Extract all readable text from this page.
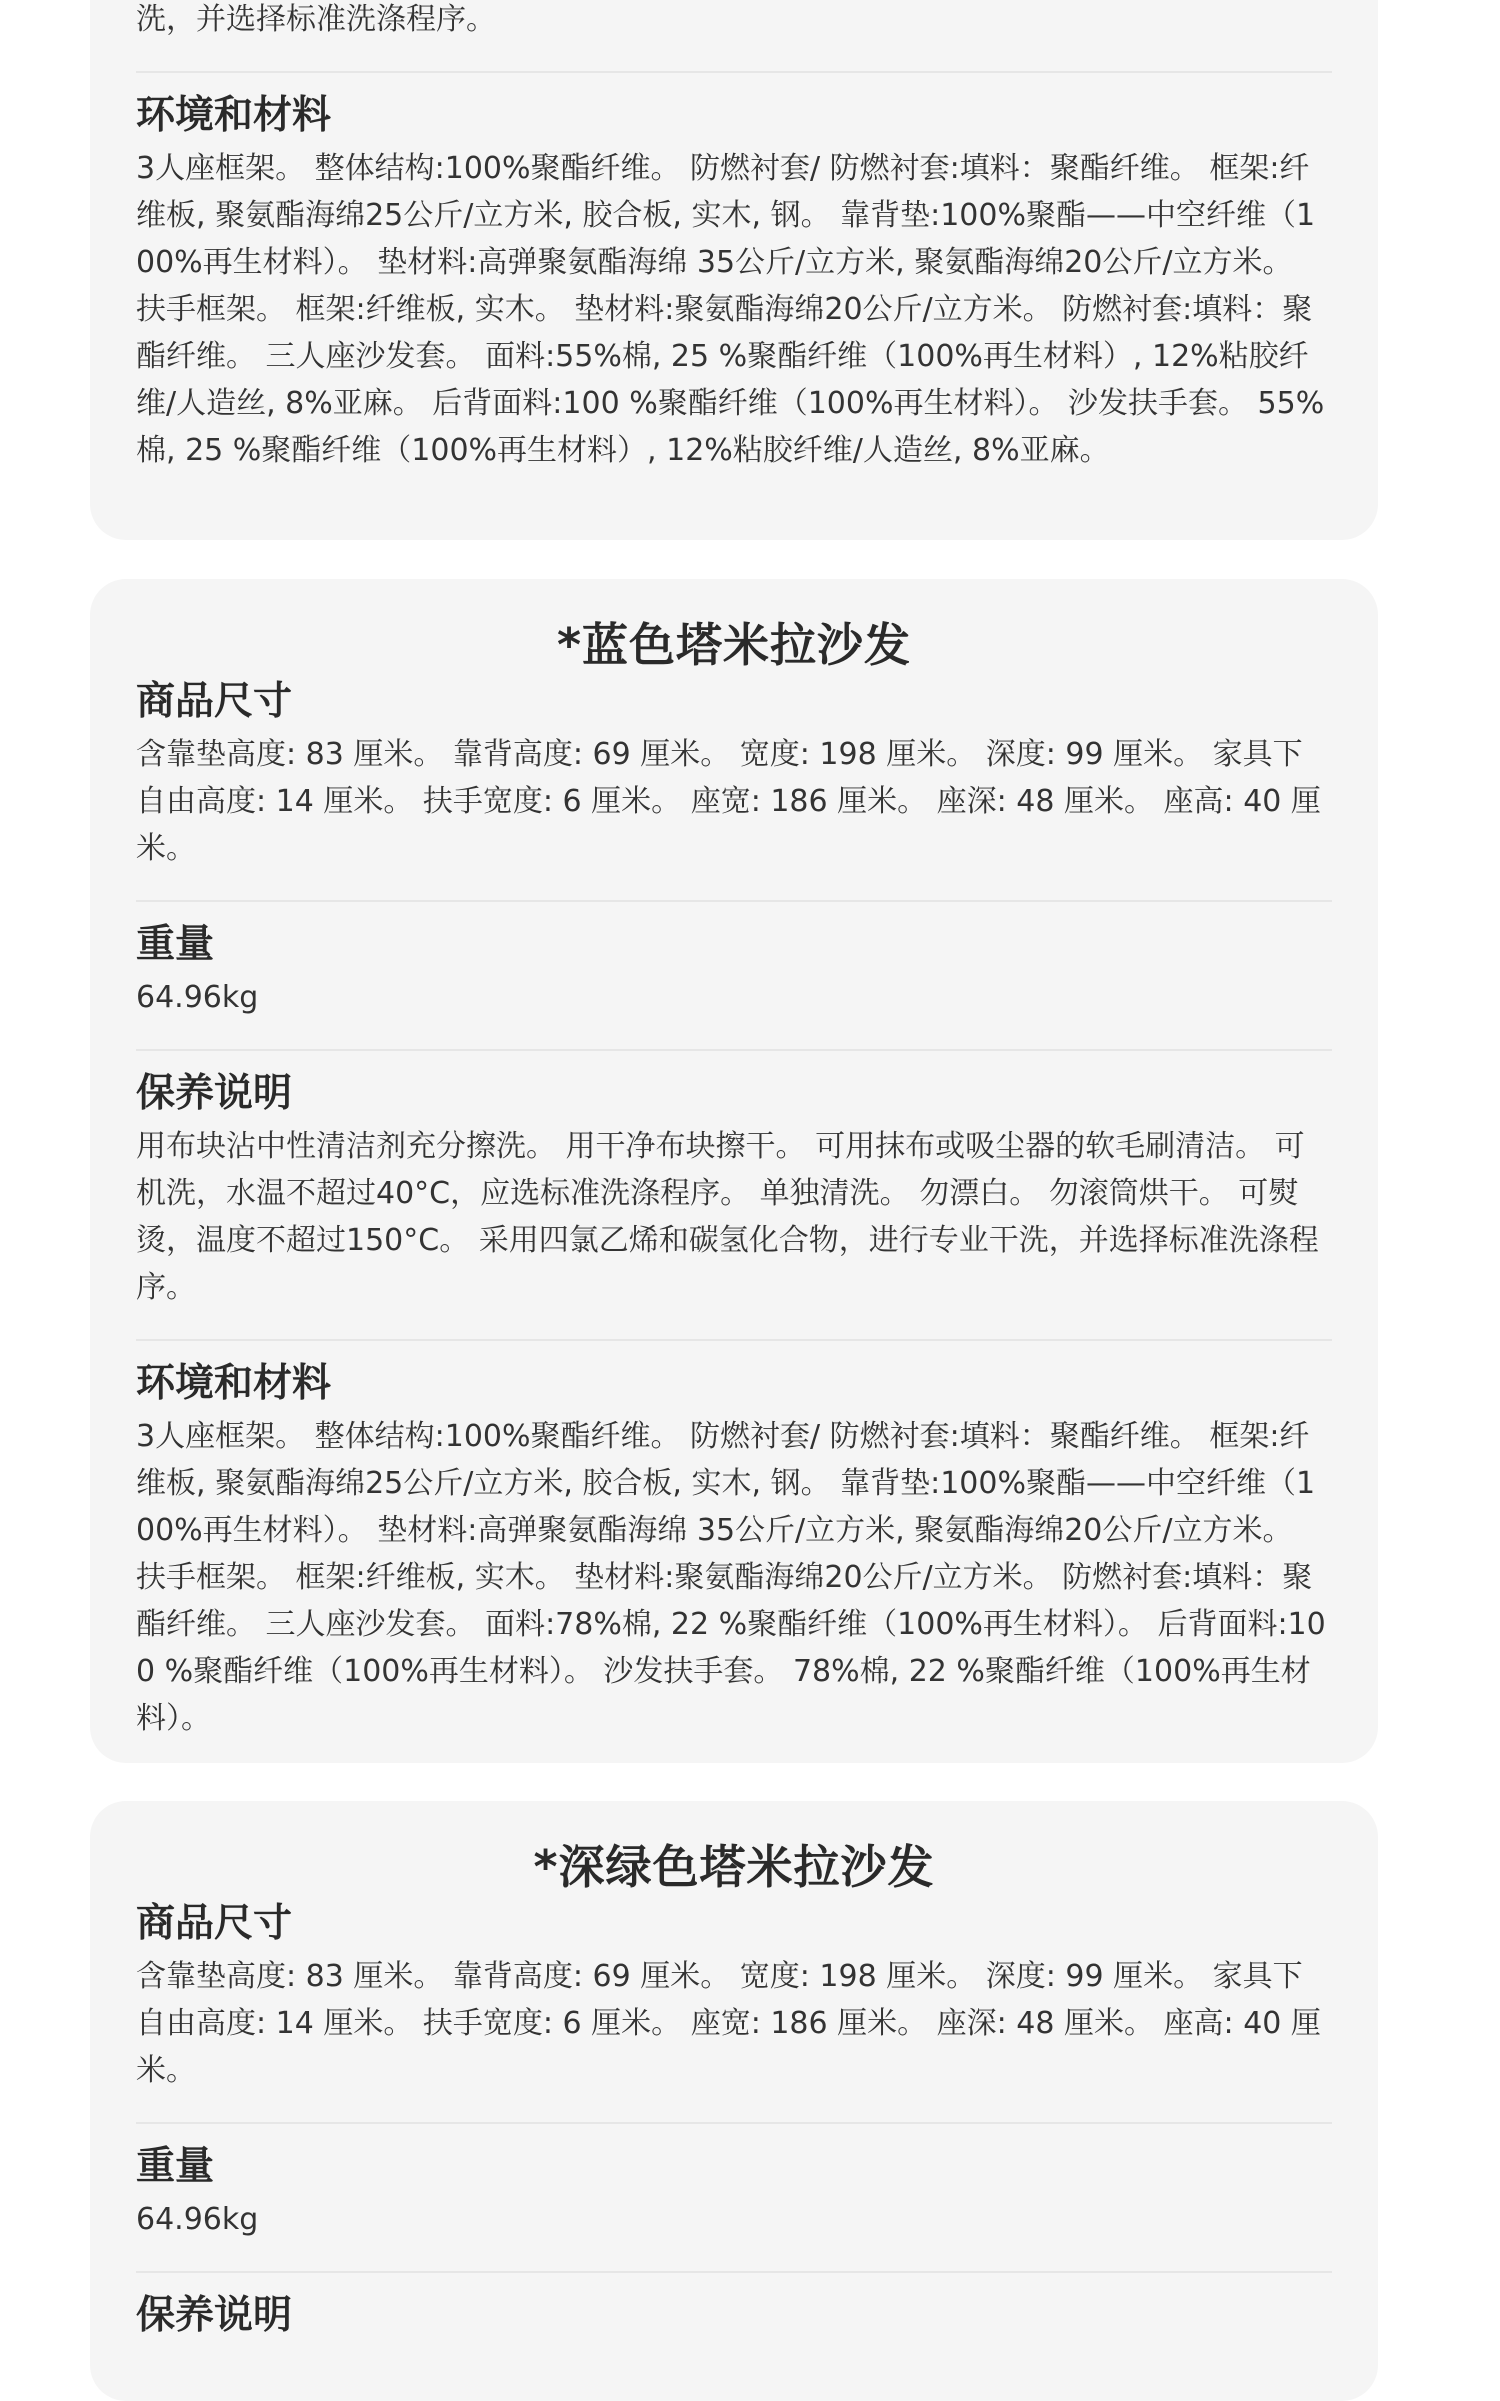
洗，并选择标准洗涤程序。

环境和材料

3人座框架。 整体结构:100%聚酯纤维。 防燃衬套/ 防燃衬套:填料：聚酯纤维。 框架:纤维板, 聚氨酯海绵25公斤/立方米, 胶合板, 实木, 钢。 靠背垫:100%聚酯——中空纤维（100%再生材料）。 垫材料:高弹聚氨酯海绵 35公斤/立方米, 聚氨酯海绵20公斤/立方米。 扶手框架。 框架:纤维板, 实木。 垫材料:聚氨酯海绵20公斤/立方米。 防燃衬套:填料：聚酯纤维。 三人座沙发套。 面料:55%棉, 25 %聚酯纤维（100%再生材料）, 12%粘胶纤维/人造丝, 8%亚麻。 后背面料:100 %聚酯纤维（100%再生材料）。 沙发扶手套。 55%棉, 25 %聚酯纤维（100%再生材料）, 12%粘胶纤维/人造丝, 8%亚麻。

*蓝色塔米拉沙发
商品尺寸

含靠垫高度: 83 厘米。 靠背高度: 69 厘米。 宽度: 198 厘米。 深度: 99 厘米。 家具下自由高度: 14 厘米。 扶手宽度: 6 厘米。 座宽: 186 厘米。 座深: 48 厘米。 座高: 40 厘米。

重量

64.96kg

保养说明

用布块沾中性清洁剂充分擦洗。 用干净布块擦干。 可用抹布或吸尘器的软毛刷清洁。 可机洗，水温不超过40°C，应选标准洗涤程序。 单独清洗。 勿漂白。 勿滚筒烘干。 可熨烫，温度不超过150°C。 采用四氯乙烯和碳氢化合物，进行专业干洗，并选择标准洗涤程序。

环境和材料

3人座框架。 整体结构:100%聚酯纤维。 防燃衬套/ 防燃衬套:填料：聚酯纤维。 框架:纤维板, 聚氨酯海绵25公斤/立方米, 胶合板, 实木, 钢。 靠背垫:100%聚酯——中空纤维（100%再生材料）。 垫材料:高弹聚氨酯海绵 35公斤/立方米, 聚氨酯海绵20公斤/立方米。 扶手框架。 框架:纤维板, 实木。 垫材料:聚氨酯海绵20公斤/立方米。 防燃衬套:填料：聚酯纤维。 三人座沙发套。 面料:78%棉, 22 %聚酯纤维（100%再生材料）。 后背面料:100 %聚酯纤维（100%再生材料）。 沙发扶手套。 78%棉, 22 %聚酯纤维（100%再生材料）。

*深绿色塔米拉沙发
商品尺寸

含靠垫高度: 83 厘米。 靠背高度: 69 厘米。 宽度: 198 厘米。 深度: 99 厘米。 家具下自由高度: 14 厘米。 扶手宽度: 6 厘米。 座宽: 186 厘米。 座深: 48 厘米。 座高: 40 厘米。

重量

64.96kg

保养说明
